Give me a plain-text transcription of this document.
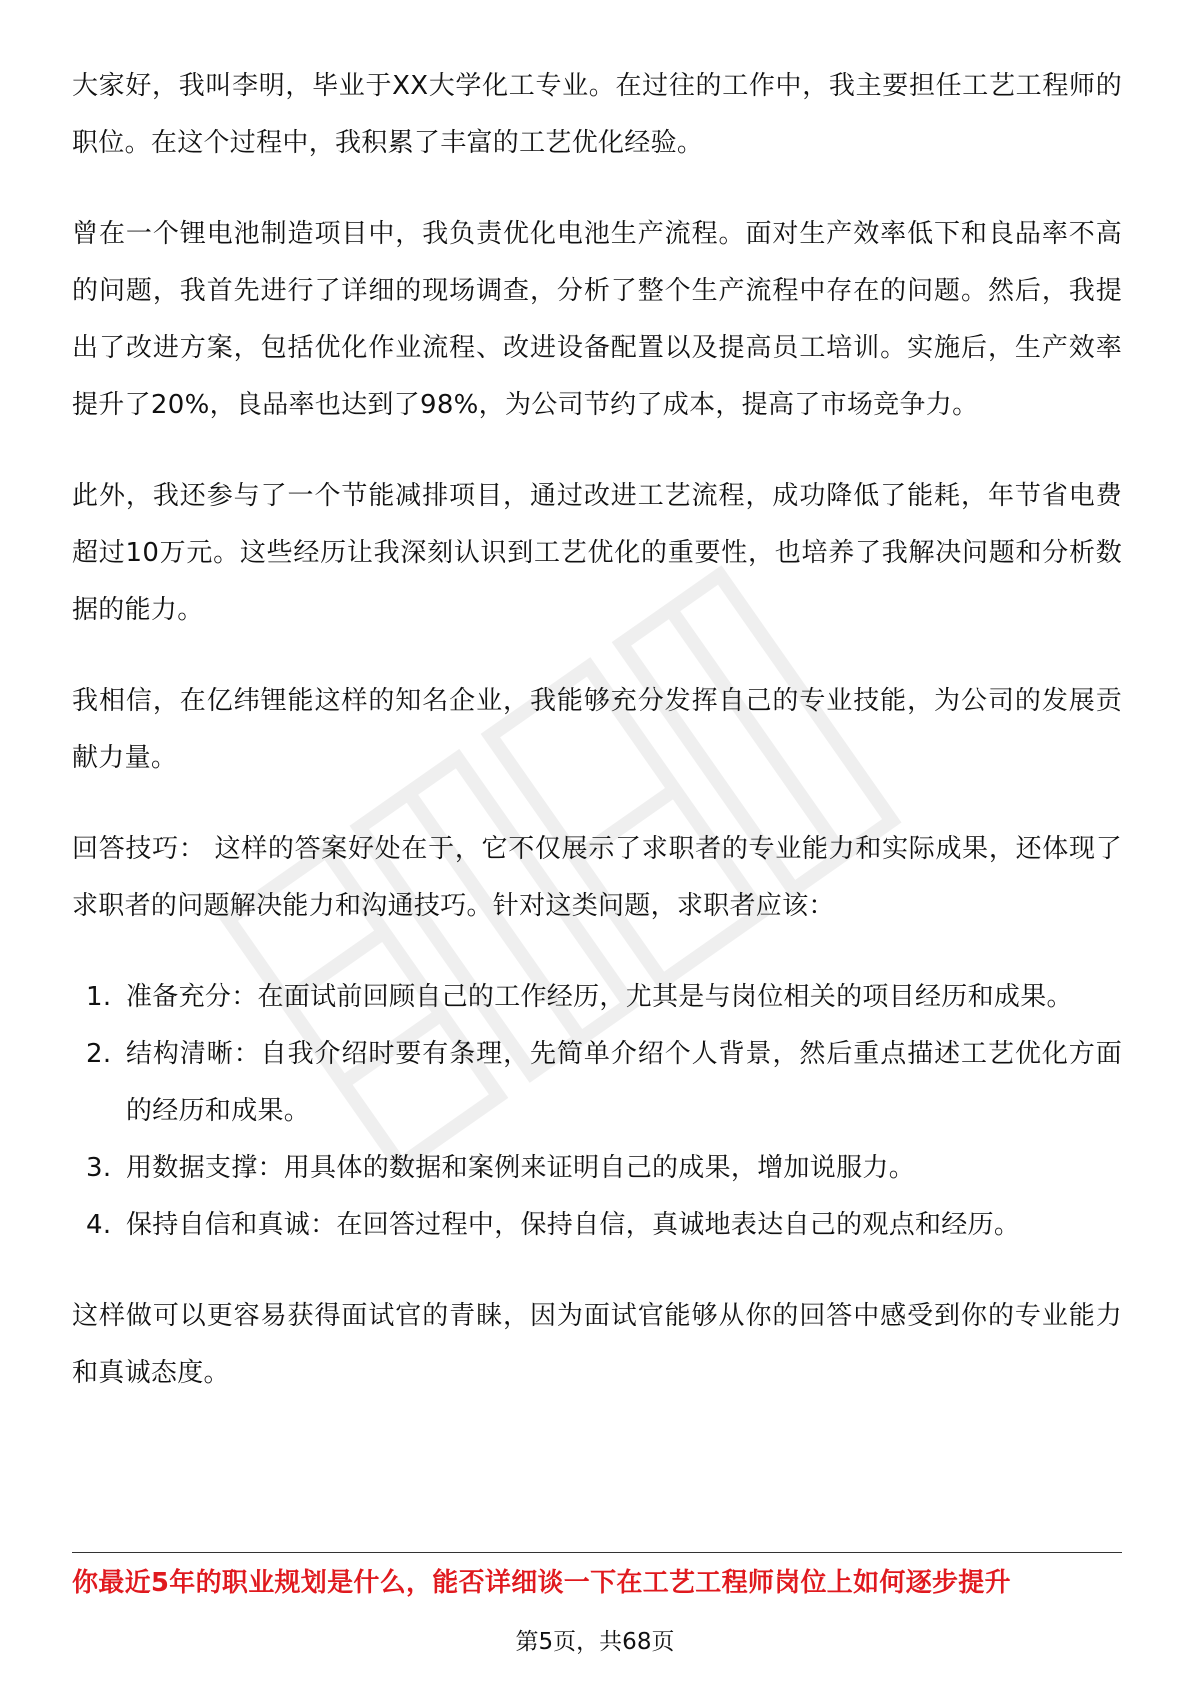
大家好，我叫李明，毕业于XX大学化工专业。在过往的工作中，我主要担任工艺工程师的职位。在这个过程中，我积累了丰富的工艺优化经验。

曾在一个锂电池制造项目中，我负责优化电池生产流程。面对生产效率低下和良品率不高的问题，我首先进行了详细的现场调查，分析了整个生产流程中存在的问题。然后，我提出了改进方案，包括优化作业流程、改进设备配置以及提高员工培训。实施后，生产效率提升了20%，良品率也达到了98%，为公司节约了成本，提高了市场竞争力。

此外，我还参与了一个节能减排项目，通过改进工艺流程，成功降低了能耗，年节省电费超过10万元。这些经历让我深刻认识到工艺优化的重要性，也培养了我解决问题和分析数据的能力。

我相信，在亿纬锂能这样的知名企业，我能够充分发挥自己的专业技能，为公司的发展贡献力量。

回答技巧： 这样的答案好处在于，它不仅展示了求职者的专业能力和实际成果，还体现了求职者的问题解决能力和沟通技巧。针对这类问题，求职者应该：

1. 准备充分：在面试前回顾自己的工作经历，尤其是与岗位相关的项目经历和成果。
2. 结构清晰：自我介绍时要有条理，先简单介绍个人背景，然后重点描述工艺优化方面的经历和成果。
3. 用数据支撑：用具体的数据和案例来证明自己的成果，增加说服力。
4. 保持自信和真诚：在回答过程中，保持自信，真诚地表达自己的观点和经历。

这样做可以更容易获得面试官的青睐，因为面试官能够从你的回答中感受到你的专业能力和真诚态度。

你最近5年的职业规划是什么，能否详细谈一下在工艺工程师岗位上如何逐步提升
第5页，共68页
